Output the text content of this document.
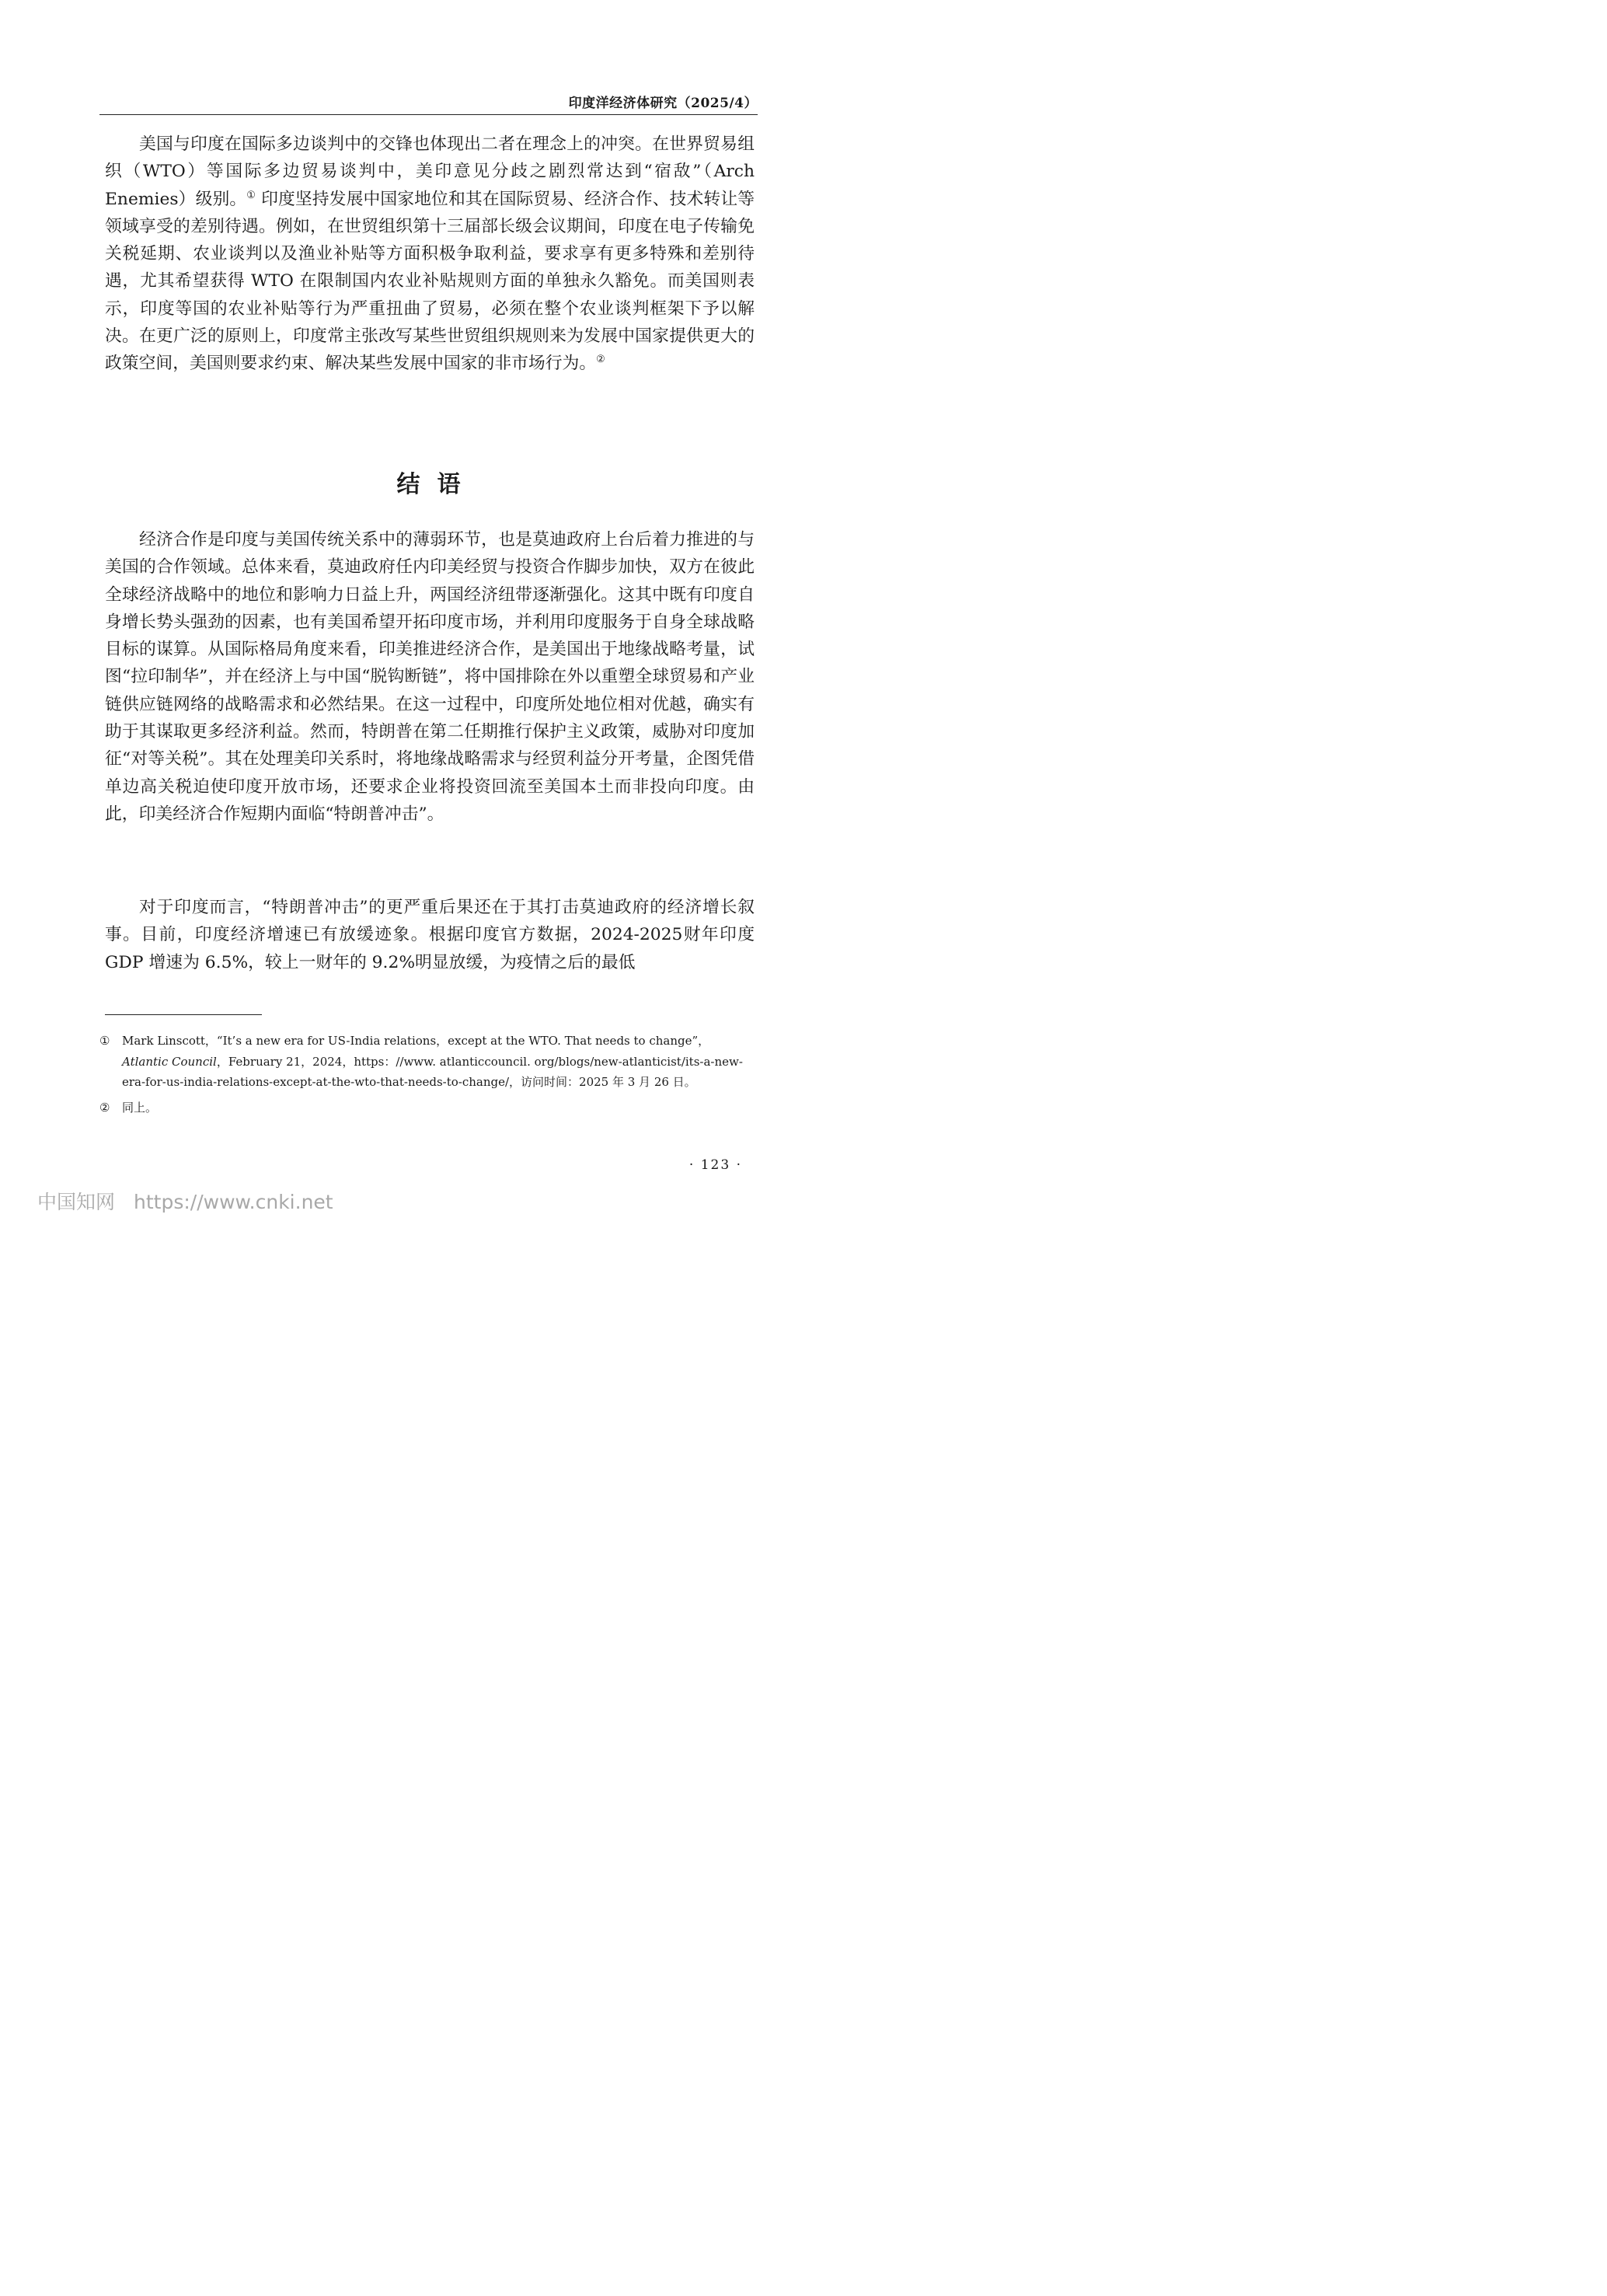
印度洋经济体研究（2025/4）

美国与印度在国际多边谈判中的交锋也体现出二者在理念上的冲突。在世界贸易组织（WTO）等国际多边贸易谈判中，美印意见分歧之剧烈常达到“宿敌”（Arch Enemies）级别。① 印度坚持发展中国家地位和其在国际贸易、经济合作、技术转让等领域享受的差别待遇。例如，在世贸组织第十三届部长级会议期间，印度在电子传输免关税延期、农业谈判以及渔业补贴等方面积极争取利益，要求享有更多特殊和差别待遇，尤其希望获得 WTO 在限制国内农业补贴规则方面的单独永久豁免。而美国则表示，印度等国的农业补贴等行为严重扭曲了贸易，必须在整个农业谈判框架下予以解决。在更广泛的原则上，印度常主张改写某些世贸组织规则来为发展中国家提供更大的政策空间，美国则要求约束、解决某些发展中国家的非市场行为。②

结语

经济合作是印度与美国传统关系中的薄弱环节，也是莫迪政府上台后着力推进的与美国的合作领域。总体来看，莫迪政府任内印美经贸与投资合作脚步加快，双方在彼此全球经济战略中的地位和影响力日益上升，两国经济纽带逐渐强化。这其中既有印度自身增长势头强劲的因素，也有美国希望开拓印度市场，并利用印度服务于自身全球战略目标的谋算。从国际格局角度来看，印美推进经济合作，是美国出于地缘战略考量，试图“拉印制华”，并在经济上与中国“脱钩断链”，将中国排除在外以重塑全球贸易和产业链供应链网络的战略需求和必然结果。在这一过程中，印度所处地位相对优越，确实有助于其谋取更多经济利益。然而，特朗普在第二任期推行保护主义政策，威胁对印度加征“对等关税”。其在处理美印关系时，将地缘战略需求与经贸利益分开考量，企图凭借单边高关税迫使印度开放市场，还要求企业将投资回流至美国本土而非投向印度。由此，印美经济合作短期内面临“特朗普冲击”。

对于印度而言，“特朗普冲击”的更严重后果还在于其打击莫迪政府的经济增长叙事。目前，印度经济增速已有放缓迹象。根据印度官方数据，2024-2025财年印度 GDP 增速为 6.5%，较上一财年的 9.2%明显放缓，为疫情之后的最低

① Mark Linscott，“It’s a new era for US-India relations，except at the WTO. That needs to change”，Atlantic Council，February 21，2024，https：//www. atlanticcouncil. org/blogs/new-atlanticist/its-a-new-era-for-us-india-relations-except-at-the-wto-that-needs-to-change/，访问时间：2025 年 3 月 26 日。
② 同上。
· 123 ·
中国知网 https://www.cnki.net
